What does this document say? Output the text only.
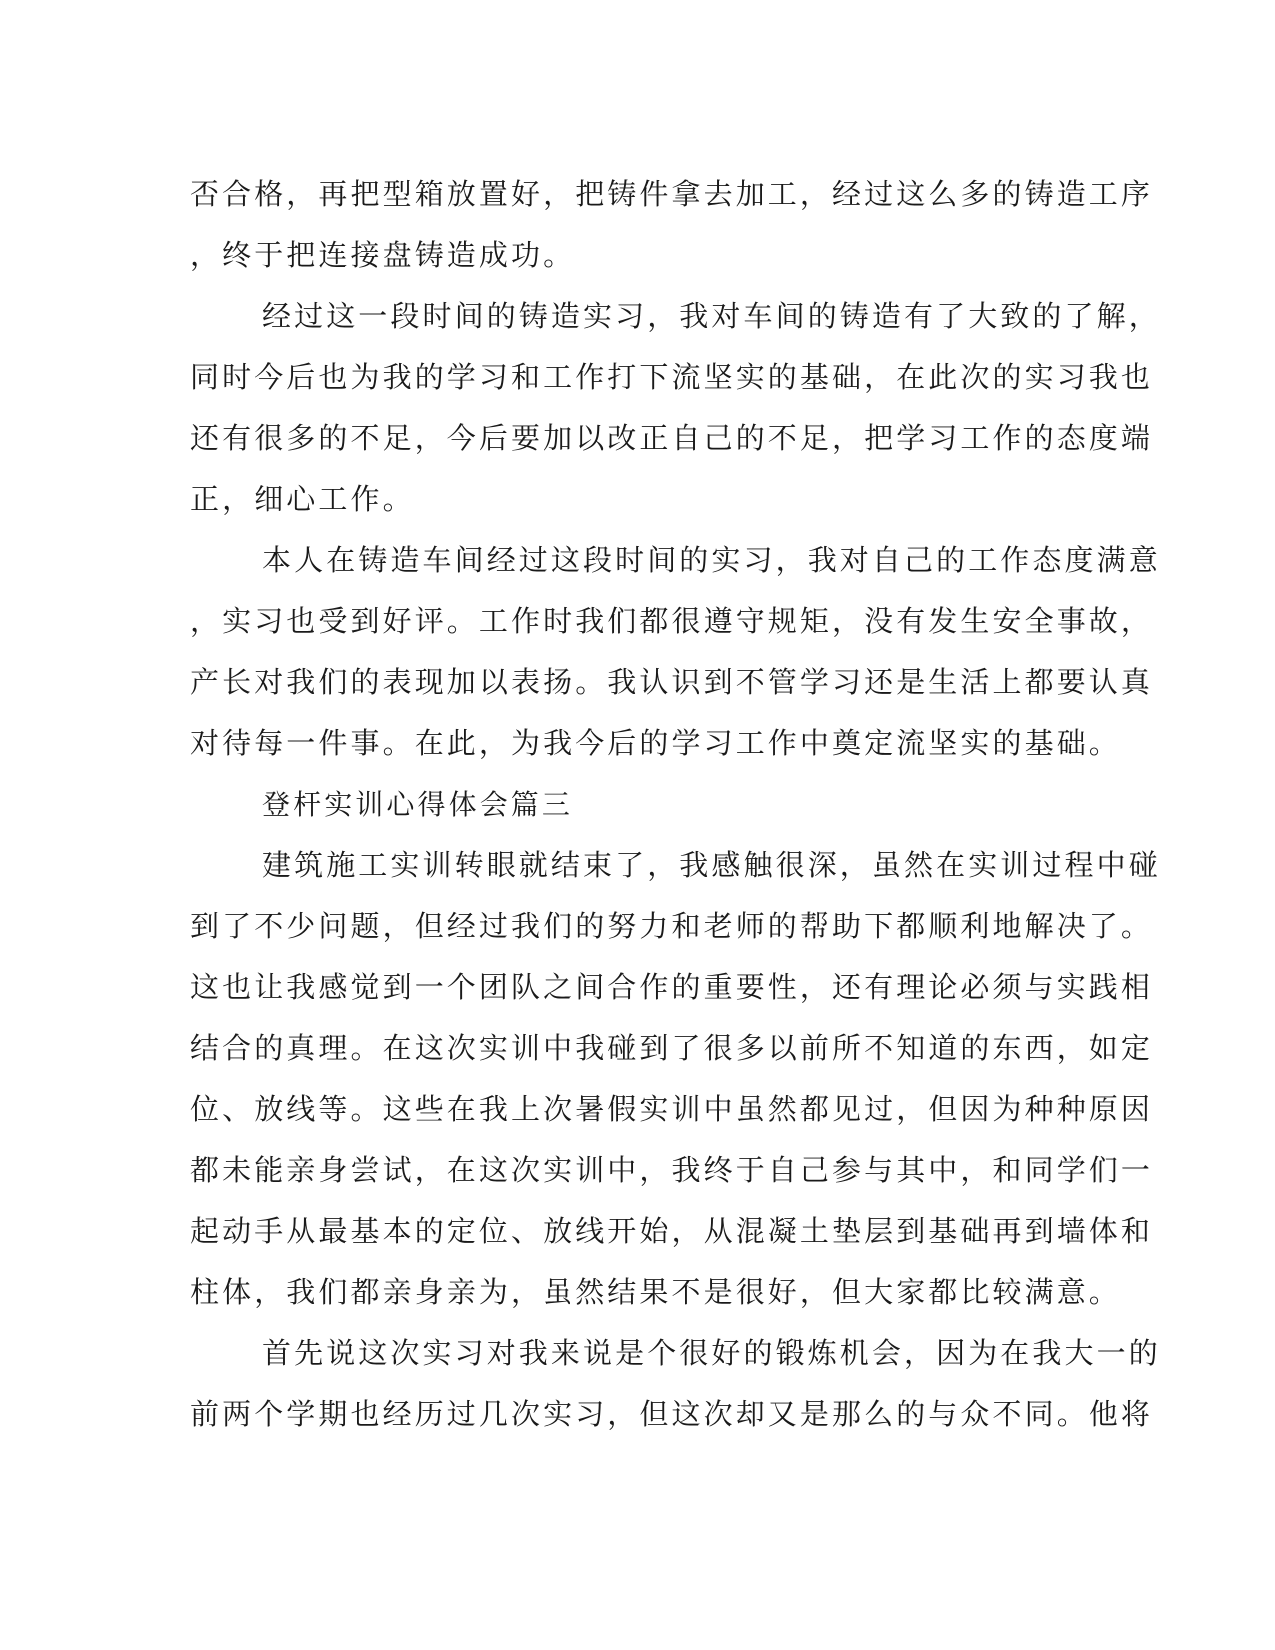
否合格，再把型箱放置好，把铸件拿去加工，经过这么多的铸造工序
，终于把连接盘铸造成功。
经过这一段时间的铸造实习，我对车间的铸造有了大致的了解，
同时今后也为我的学习和工作打下流坚实的基础，在此次的实习我也
还有很多的不足，今后要加以改正自己的不足，把学习工作的态度端
正，细心工作。
本人在铸造车间经过这段时间的实习，我对自己的工作态度满意
，实习也受到好评。工作时我们都很遵守规矩，没有发生安全事故，
产长对我们的表现加以表扬。我认识到不管学习还是生活上都要认真
对待每一件事。在此，为我今后的学习工作中奠定流坚实的基础。
登杆实训心得体会篇三
建筑施工实训转眼就结束了，我感触很深，虽然在实训过程中碰
到了不少问题，但经过我们的努力和老师的帮助下都顺利地解决了。
这也让我感觉到一个团队之间合作的重要性，还有理论必须与实践相
结合的真理。在这次实训中我碰到了很多以前所不知道的东西，如定
位、放线等。这些在我上次暑假实训中虽然都见过，但因为种种原因
都未能亲身尝试，在这次实训中，我终于自己参与其中，和同学们一
起动手从最基本的定位、放线开始，从混凝土垫层到基础再到墙体和
柱体，我们都亲身亲为，虽然结果不是很好，但大家都比较满意。
首先说这次实习对我来说是个很好的锻炼机会，因为在我大一的
前两个学期也经历过几次实习，但这次却又是那么的与众不同。他将
